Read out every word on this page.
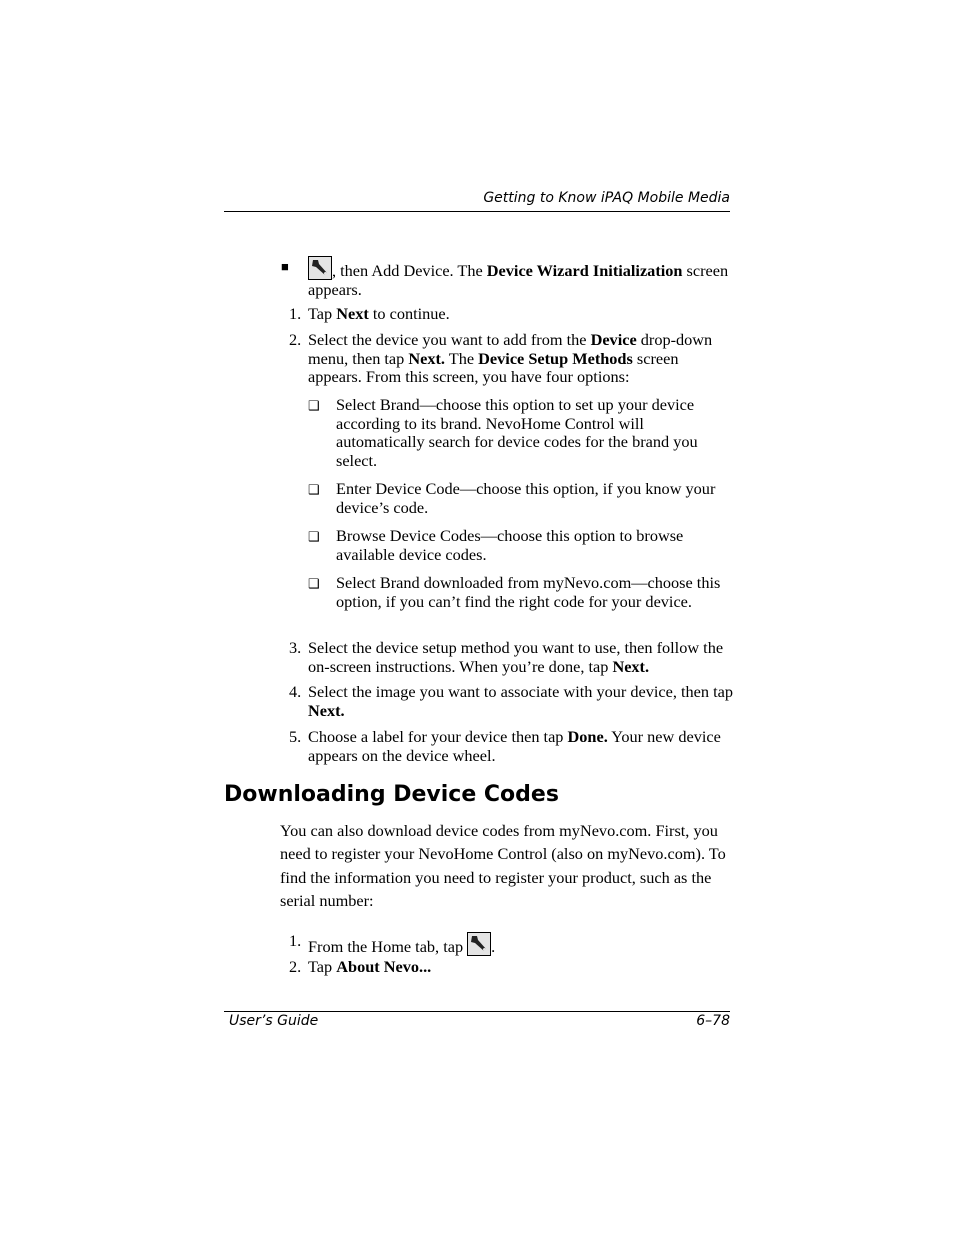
Getting to Know iPAQ Mobile Media
■	, then Add Device. The Device Wizard Initialization screen appears.
1. Tap Next to continue.
2. Select the device you want to add from the Device drop-down menu, then tap Next. The Device Setup Methods screen appears. From this screen, you have four options:
❑ Select Brand—choose this option to set up your device according to its brand. NevoHome Control will automatically search for device codes for the brand you select.
❑ Enter Device Code—choose this option, if you know your device’s code.
❑ Browse Device Codes—choose this option to browse available device codes.
❑ Select Brand downloaded from myNevo.com—choose this option, if you can’t find the right code for your device.
3. Select the device setup method you want to use, then follow the on-screen instructions. When you’re done, tap Next.
4. Select the image you want to associate with your device, then tap Next.
5. Choose a label for your device then tap Done. Your new device appears on the device wheel.
Downloading Device Codes
You can also download device codes from myNevo.com. First, you need to register your NevoHome Control (also on myNevo.com). To find the information you need to register your product, such as the serial number:
1. From the Home tab, tap
.
2. Tap About Nevo...
User’s Guide	6–78
